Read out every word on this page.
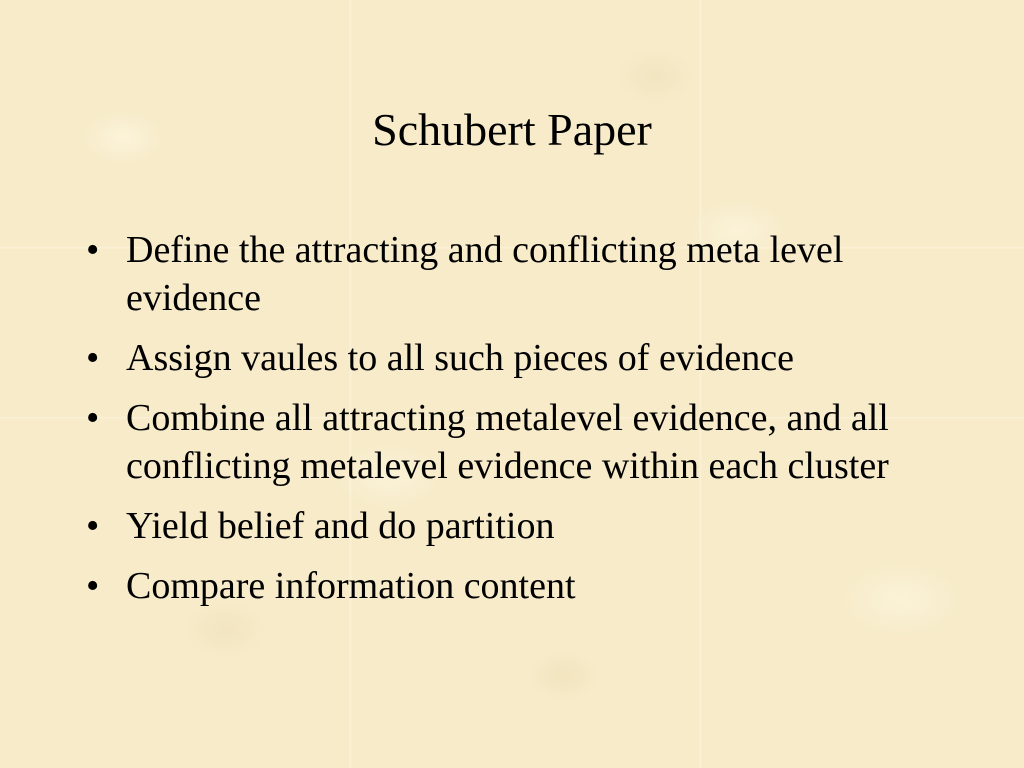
Schubert Paper
• Define the attracting and conflicting meta level evidence
• Assign vaules to all such pieces of evidence
• Combine all attracting metalevel evidence, and all conflicting metalevel evidence within each cluster
• Yield belief and do partition
• Compare information content
